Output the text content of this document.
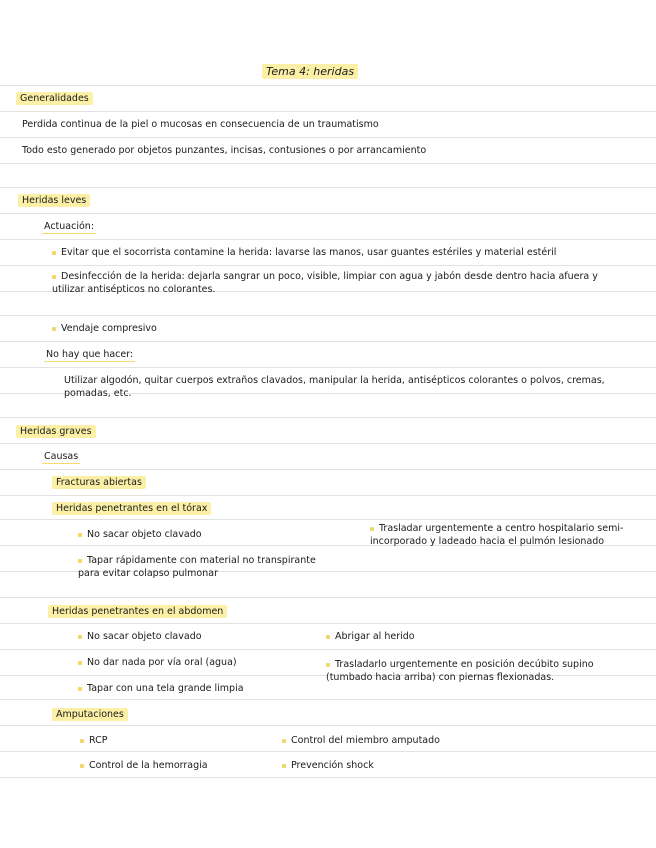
Tema 4: heridas
Generalidades
Perdida continua de la piel o mucosas en consecuencia de un traumatismo
Todo esto generado por objetos punzantes, incisas, contusiones o por arrancamiento
Heridas leves
Actuación:
Evitar que el socorrista contamine la herida: lavarse las manos, usar guantes estériles y material estéril
Desinfección de la herida: dejarla sangrar un poco, visible, limpiar con agua y jabón desde dentro hacia afuera y utilizar antisépticos no colorantes.
Vendaje compresivo
No hay que hacer:
Utilizar algodón, quitar cuerpos extraños clavados, manipular la herida, antisépticos colorantes o polvos, cremas, pomadas, etc.
Heridas graves
Causas
Fracturas abiertas
Heridas penetrantes en el tórax
No sacar objeto clavado
Tapar rápidamente con material no transpirante para evitar colapso pulmonar
Trasladar urgentemente a centro hospitalario semi-incorporado y ladeado hacia el pulmón lesionado
Heridas penetrantes en el abdomen
No sacar objeto clavado
No dar nada por vía oral (agua)
Tapar con una tela grande limpia
Abrigar al herido
Trasladarlo urgentemente en posición decúbito supino (tumbado hacia arriba) con piernas flexionadas.
Amputaciones
RCP
Control de la hemorragia
Control del miembro amputado
Prevención shock
